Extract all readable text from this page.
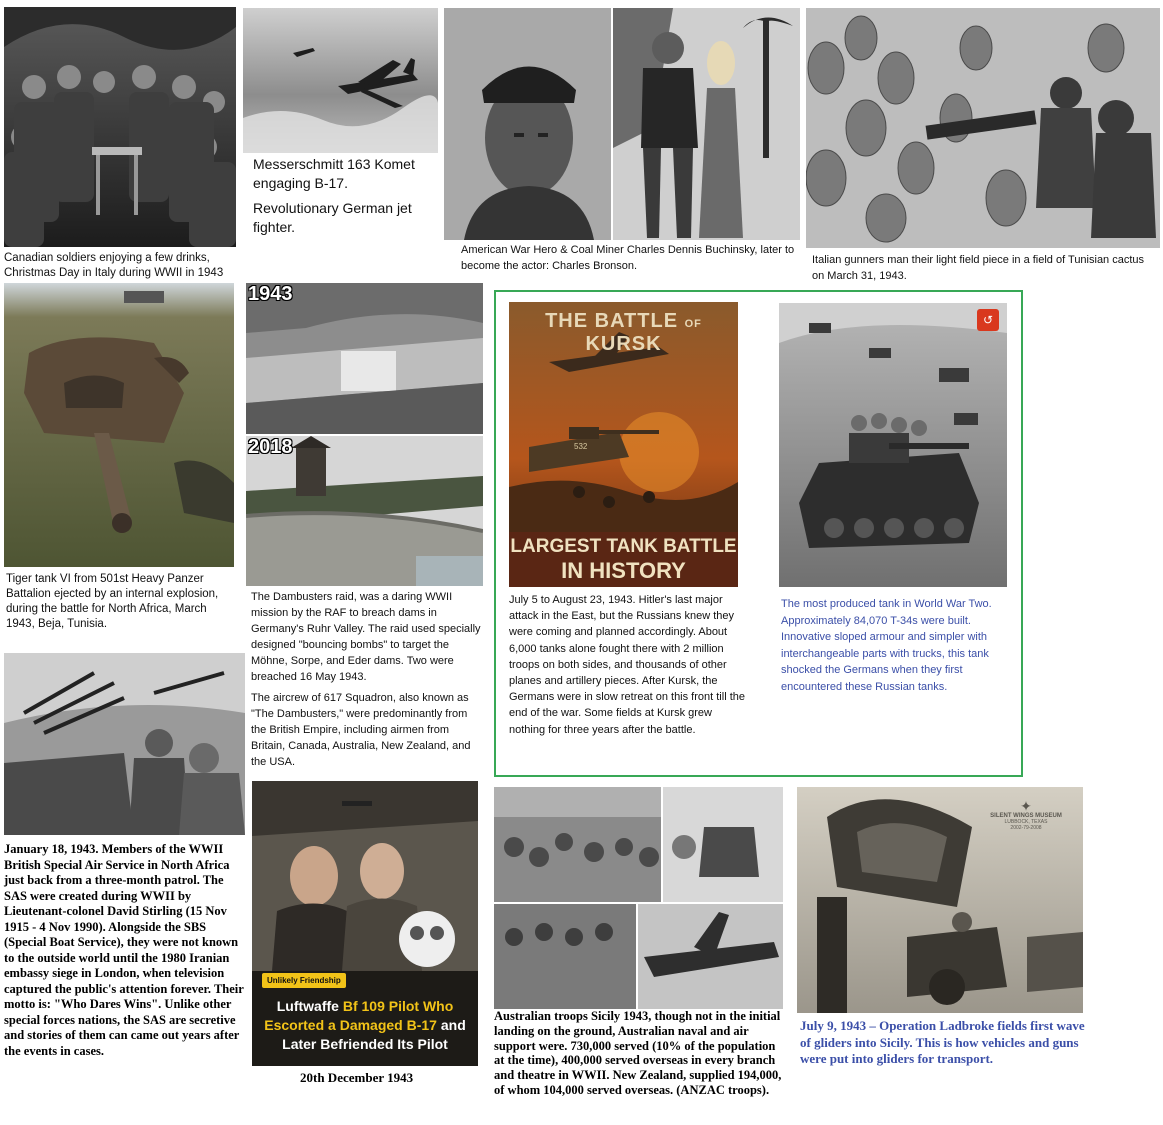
Canadian soldiers enjoying a few drinks, Christmas Day in Italy during WWII in 1943

Messerschmitt 163 Komet engaging B-17.

Revolutionary German jet fighter.

American War Hero & Coal Miner Charles Dennis Buchinsky, later to become the actor: Charles Bronson.	Italian gunners man their light field piece in a field of Tunisian cactus on March 31, 1943.

Tiger tank VI from 501st Heavy Panzer Battalion ejected by an internal explosion, during the battle for North Africa, March 1943, Beja, Tunisia.

1943
2018

The Dambusters raid, was a daring WWII mission by the RAF to breach dams in Germany's Ruhr Valley. The raid used specially designed "bouncing bombs" to target the Möhne, Sorpe, and Eder dams. Two were breached 16 May 1943.

The aircrew of 617 Squadron, also known as "The Dambusters," were predominantly from the British Empire, including airmen from Britain, Canada, Australia, New Zealand, and the USA.

THE BATTLE OF KURSK
532
LARGEST TANK BATTLE
IN HISTORY

July 5 to August 23, 1943. Hitler's last major attack in the East, but the Russians knew they were coming and planned accordingly. About 6,000 tanks alone fought there with 2 million troops on both sides, and thousands of other planes and artillery pieces. After Kursk, the Germans were in slow retreat on this front till the end of the war. Some fields at Kursk grew nothing for three years after the battle.

↺

The most produced tank in World War Two. Approximately 84,070 T-34s were built. Innovative sloped armour and simpler with interchangeable parts with trucks, this tank shocked the Germans when they first encountered these Russian tanks.

January 18, 1943. Members of the WWII British Special Air Service in North Africa just back from a three-month patrol. The SAS were created during WWII by Lieutenant-colonel David Stirling (15 Nov 1915 - 4 Nov 1990). Alongside the SBS (Special Boat Service), they were not known to the outside world until the 1980 Iranian embassy siege in London, when television captured the public's attention forever. Their motto is: "Who Dares Wins". Unlike other special forces nations, the SAS are secretive and stories of them can came out years after the events in cases.

Unlikely Friendship
Luftwaffe Bf 109 Pilot Who Escorted a Damaged B-17 and Later Befriended Its Pilot

20th December 1943

Australian troops Sicily 1943, though not in the initial landing on the ground, Australian naval and air support were. 730,000 served (10% of the population at the time), 400,000 served overseas in every branch and theatre in WWII. New Zealand, supplied 194,000, of whom 104,000 served overseas. (ANZAC troops).

✦
SILENT WINGS MUSEUM
LUBBOCK, TEXAS
2002-79-2008

July 9, 1943 – Operation Ladbroke fields first wave of gliders into Sicily. This is how vehicles and guns were put into gliders for transport.
